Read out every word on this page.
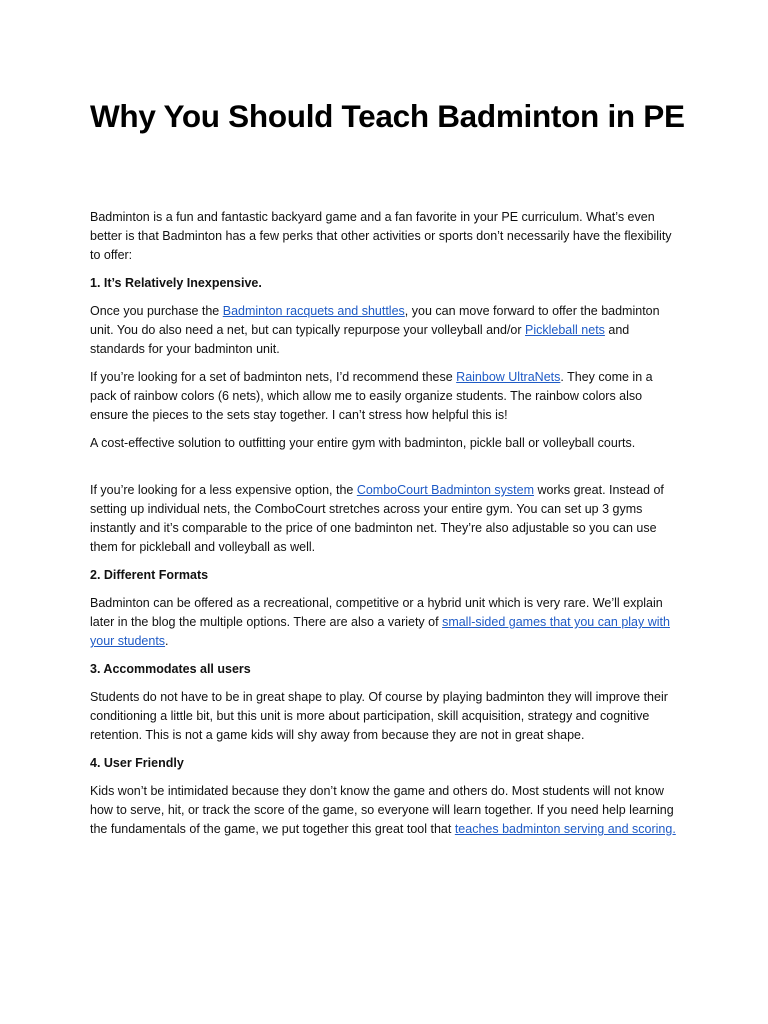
Why You Should Teach Badminton in PE

Badminton is a fun and fantastic backyard game and a fan favorite in your PE curriculum. What’s even better is that Badminton has a few perks that other activities or sports don’t necessarily have the flexibility to offer:

1. It’s Relatively Inexpensive.

Once you purchase the Badminton racquets and shuttles, you can move forward to offer the badminton unit. You do also need a net, but can typically repurpose your volleyball and/or Pickleball nets and standards for your badminton unit.

If you’re looking for a set of badminton nets, I’d recommend these Rainbow UltraNets. They come in a pack of rainbow colors (6 nets), which allow me to easily organize students. The rainbow colors also ensure the pieces to the sets stay together. I can’t stress how helpful this is!

A cost-effective solution to outfitting your entire gym with badminton, pickle ball or volleyball courts.

If you’re looking for a less expensive option, the ComboCourt Badminton system works great. Instead of setting up individual nets, the ComboCourt stretches across your entire gym. You can set up 3 gyms instantly and it’s comparable to the price of one badminton net. They’re also adjustable so you can use them for pickleball and volleyball as well.

2. Different Formats

Badminton can be offered as a recreational, competitive or a hybrid unit which is very rare. We’ll explain later in the blog the multiple options. There are also a variety of small-sided games that you can play with your students.

3. Accommodates all users

Students do not have to be in great shape to play. Of course by playing badminton they will improve their conditioning a little bit, but this unit is more about participation, skill acquisition, strategy and cognitive retention. This is not a game kids will shy away from because they are not in great shape.

4. User Friendly

Kids won’t be intimidated because they don’t know the game and others do. Most students will not know how to serve, hit, or track the score of the game, so everyone will learn together. If you need help learning the fundamentals of the game, we put together this great tool that teaches badminton serving and scoring.
